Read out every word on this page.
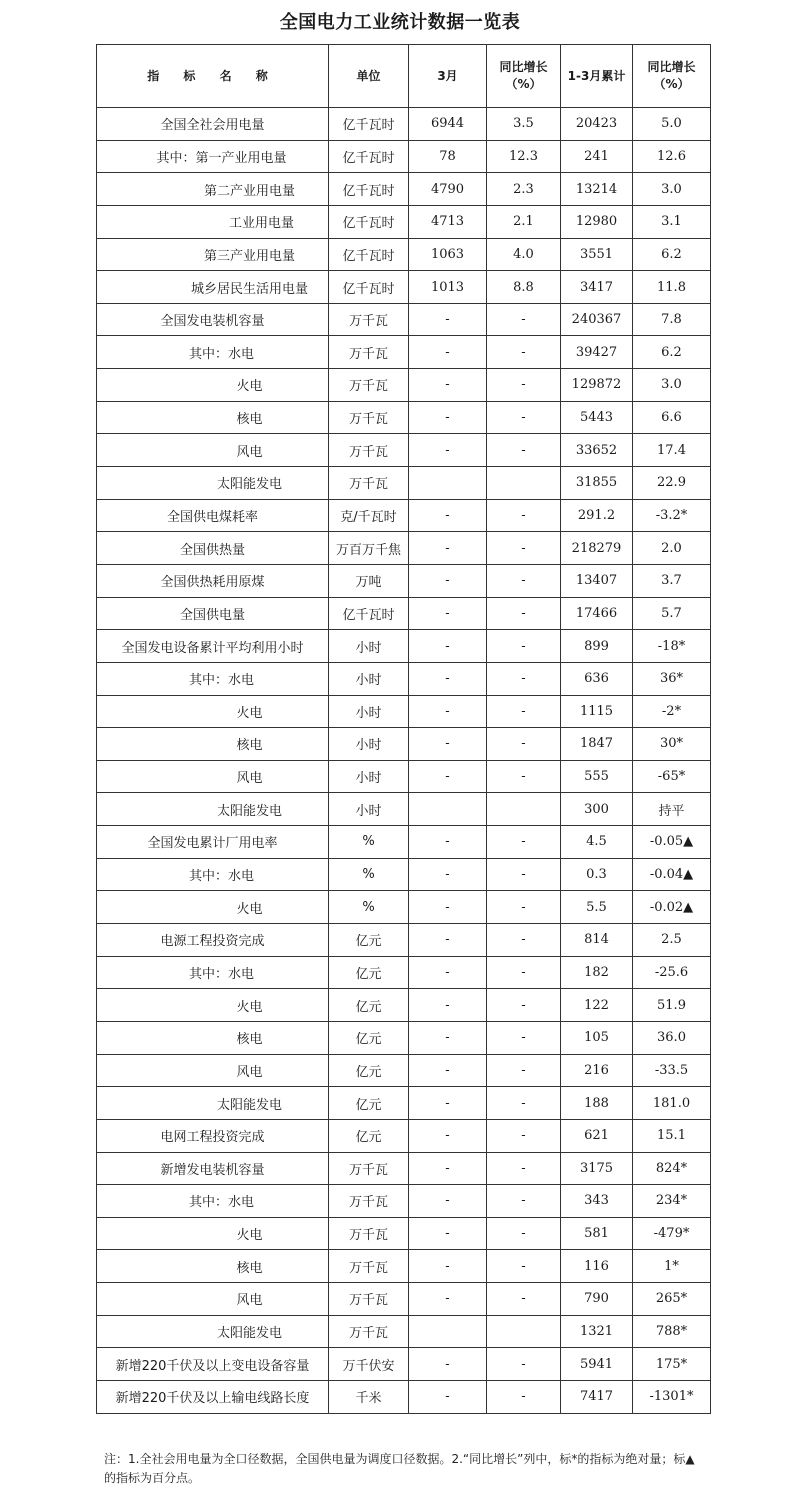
全国电力工业统计数据一览表
指 标 名 称	单位	3月	同比增长（%）	1-3月累计	同比增长（%）
全国全社会用电量	亿千瓦时	6944	3.5	20423	5.0
其中：第一产业用电量	亿千瓦时	78	12.3	241	12.6
第二产业用电量	亿千瓦时	4790	2.3	13214	3.0
工业用电量	亿千瓦时	4713	2.1	12980	3.1
第三产业用电量	亿千瓦时	1063	4.0	3551	6.2
城乡居民生活用电量	亿千瓦时	1013	8.8	3417	11.8
全国发电装机容量	万千瓦	-	-	240367	7.8
其中：水电	万千瓦	-	-	39427	6.2
火电	万千瓦	-	-	129872	3.0
核电	万千瓦	-	-	5443	6.6
风电	万千瓦	-	-	33652	17.4
太阳能发电	万千瓦			31855	22.9
全国供电煤耗率	克/千瓦时	-	-	291.2	-3.2*
全国供热量	万百万千焦	-	-	218279	2.0
全国供热耗用原煤	万吨	-	-	13407	3.7
全国供电量	亿千瓦时	-	-	17466	5.7
全国发电设备累计平均利用小时	小时	-	-	899	-18*
其中：水电	小时	-	-	636	36*
火电	小时	-	-	1115	-2*
核电	小时	-	-	1847	30*
风电	小时	-	-	555	-65*
太阳能发电	小时			300	持平
全国发电累计厂用电率	%	-	-	4.5	-0.05▲
其中：水电	%	-	-	0.3	-0.04▲
火电	%	-	-	5.5	-0.02▲
电源工程投资完成	亿元	-	-	814	2.5
其中：水电	亿元	-	-	182	-25.6
火电	亿元	-	-	122	51.9
核电	亿元	-	-	105	36.0
风电	亿元	-	-	216	-33.5
太阳能发电	亿元	-	-	188	181.0
电网工程投资完成	亿元	-	-	621	15.1
新增发电装机容量	万千瓦	-	-	3175	824*
其中：水电	万千瓦	-	-	343	234*
火电	万千瓦	-	-	581	-479*
核电	万千瓦	-	-	116	1*
风电	万千瓦	-	-	790	265*
太阳能发电	万千瓦			1321	788*
新增220千伏及以上变电设备容量	万千伏安	-	-	5941	175*
新增220千伏及以上输电线路长度	千米	-	-	7417	-1301*
注：1.全社会用电量为全口径数据，全国供电量为调度口径数据。2.“同比增长”列中，标*的指标为绝对量；标▲的指标为百分点。
